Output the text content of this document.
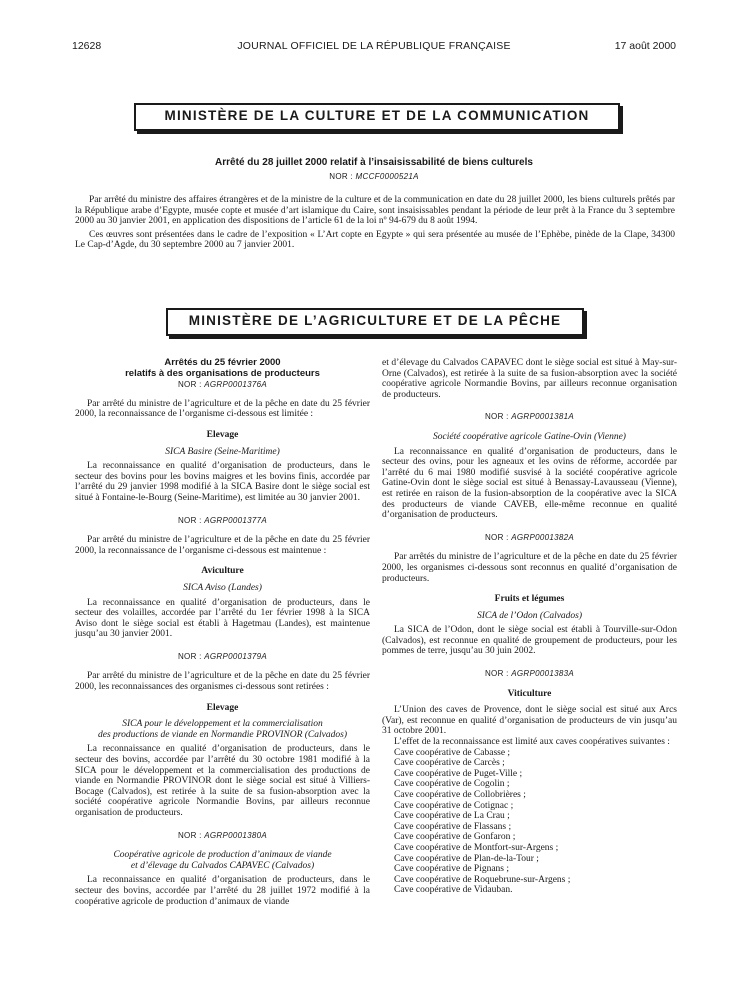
12628	JOURNAL OFFICIEL DE LA RÉPUBLIQUE FRANÇAISE	17 août 2000
MINISTÈRE DE LA CULTURE ET DE LA COMMUNICATION
Arrêté du 28 juillet 2000 relatif à l’insaisissabilité de biens culturels
NOR : MCCF0000521A

Par arrêté du ministre des affaires étrangères et de la ministre de la culture et de la communication en date du 28 juillet 2000, les biens culturels prêtés par la République arabe d’Egypte, musée copte et musée d’art islamique du Caire, sont insaisissables pendant la période de leur prêt à la France du 3 septembre 2000 au 30 janvier 2001, en application des dispositions de l’article 61 de la loi nº 94-679 du 8 août 1994.

Ces œuvres sont présentées dans le cadre de l’exposition « L’Art copte en Egypte » qui sera présentée au musée de l’Ephèbe, pinède de la Clape, 34300 Le Cap-d’Agde, du 30 septembre 2000 au 7 janvier 2001.

MINISTÈRE DE L’AGRICULTURE ET DE LA PÊCHE
Arrêtés du 25 février 2000
relatifs à des organisations de producteurs
NOR : AGRP0001376A

Par arrêté du ministre de l’agriculture et de la pêche en date du 25 février 2000, la reconnaissance de l’organisme ci-dessous est limitée :

Elevage
SICA Basire (Seine-Maritime)

La reconnaissance en qualité d’organisation de producteurs, dans le secteur des bovins pour les bovins maigres et les bovins finis, accordée par l’arrêté du 29 janvier 1998 modifié à la SICA Basire dont le siège social est situé à Fontaine-le-Bourg (Seine-Maritime), est limitée au 30 janvier 2001.

NOR : AGRP0001377A

Par arrêté du ministre de l’agriculture et de la pêche en date du 25 février 2000, la reconnaissance de l’organisme ci-dessous est maintenue :

Aviculture
SICA Aviso (Landes)

La reconnaissance en qualité d’organisation de producteurs, dans le secteur des volailles, accordée par l’arrêté du 1er février 1998 à la SICA Aviso dont le siège social est établi à Hagetmau (Landes), est maintenue jusqu’au 30 janvier 2001.

NOR : AGRP0001379A

Par arrêté du ministre de l’agriculture et de la pêche en date du 25 février 2000, les reconnaissances des organismes ci-dessous sont retirées :

Elevage
SICA pour le développement et la commercialisation
des productions de viande en Normandie PROVINOR (Calvados)

La reconnaissance en qualité d’organisation de producteurs, dans le secteur des bovins, accordée par l’arrêté du 30 octobre 1981 modifié à la SICA pour le développement et la commercialisation des productions de viande en Normandie PROVINOR dont le siège social est situé à Villiers-Bocage (Calvados), est retirée à la suite de sa fusion-absorption avec la société coopérative agricole Normandie Bovins, par ailleurs reconnue organisation de producteurs.

NOR : AGRP0001380A
Coopérative agricole de production d’animaux de viande
et d’élevage du Calvados CAPAVEC (Calvados)

La reconnaissance en qualité d’organisation de producteurs, dans le secteur des bovins, accordée par l’arrêté du 28 juillet 1972 modifié à la coopérative agricole de production d’animaux de viande

et d’élevage du Calvados CAPAVEC dont le siège social est situé à May-sur-Orne (Calvados), est retirée à la suite de sa fusion-absorption avec la société coopérative agricole Normandie Bovins, par ailleurs reconnue organisation de producteurs.

NOR : AGRP0001381A
Société coopérative agricole Gatine-Ovin (Vienne)

La reconnaissance en qualité d’organisation de producteurs, dans le secteur des ovins, pour les agneaux et les ovins de réforme, accordée par l’arrêté du 6 mai 1980 modifié susvisé à la société coopérative agricole Gatine-Ovin dont le siège social est situé à Benassay-Lavausseau (Vienne), est retirée en raison de la fusion-absorption de la coopérative avec la SICA des producteurs de viande CAVEB, elle-même reconnue en qualité d’organisation de producteurs.

NOR : AGRP0001382A

Par arrêtés du ministre de l’agriculture et de la pêche en date du 25 février 2000, les organismes ci-dessous sont reconnus en qualité d’organisation de producteurs.

Fruits et légumes
SICA de l’Odon (Calvados)

La SICA de l’Odon, dont le siège social est établi à Tourville-sur-Odon (Calvados), est reconnue en qualité de groupement de producteurs, pour les pommes de terre, jusqu’au 30 juin 2002.

NOR : AGRP0001383A
Viticulture

L’Union des caves de Provence, dont le siège social est situé aux Arcs (Var), est reconnue en qualité d’organisation de producteurs de vin jusqu’au 31 octobre 2001.

L’effet de la reconnaissance est limité aux caves coopératives suivantes :

Cave coopérative de Cabasse ;
Cave coopérative de Carcès ;
Cave coopérative de Puget-Ville ;
Cave coopérative de Cogolin ;
Cave coopérative de Collobrières ;
Cave coopérative de Cotignac ;
Cave coopérative de La Crau ;
Cave coopérative de Flassans ;
Cave coopérative de Gonfaron ;
Cave coopérative de Montfort-sur-Argens ;
Cave coopérative de Plan-de-la-Tour ;
Cave coopérative de Pignans ;
Cave coopérative de Roquebrune-sur-Argens ;
Cave coopérative de Vidauban.
